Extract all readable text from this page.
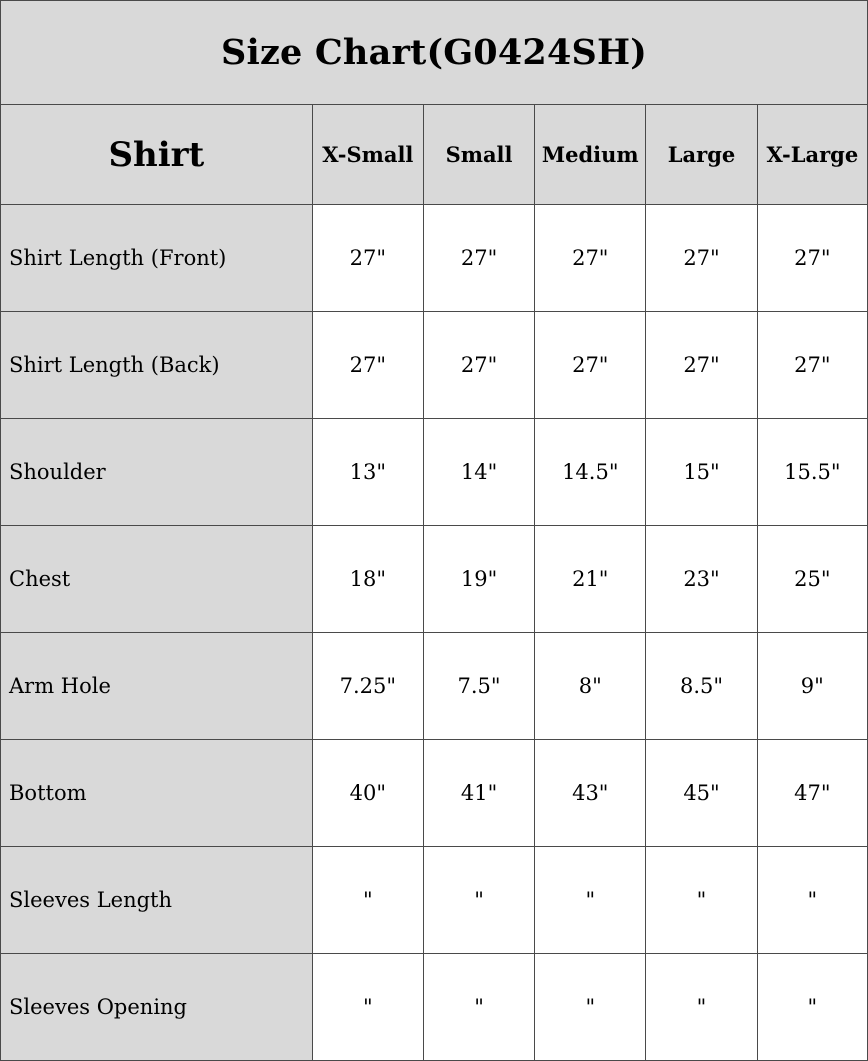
Size Chart(G0424SH)					
Shirt	X-Small	Small	Medium	Large	X-Large
Shirt Length (Front)	27"	27"	27"	27"	27"
Shirt Length (Back)	27"	27"	27"	27"	27"
Shoulder	13"	14"	14.5"	15"	15.5"
Chest	18"	19"	21"	23"	25"
Arm Hole	7.25"	7.5"	8"	8.5"	9"
Bottom	40"	41"	43"	45"	47"
Sleeves Length	"	"	"	"	"
Sleeves Opening	"	"	"	"	"
